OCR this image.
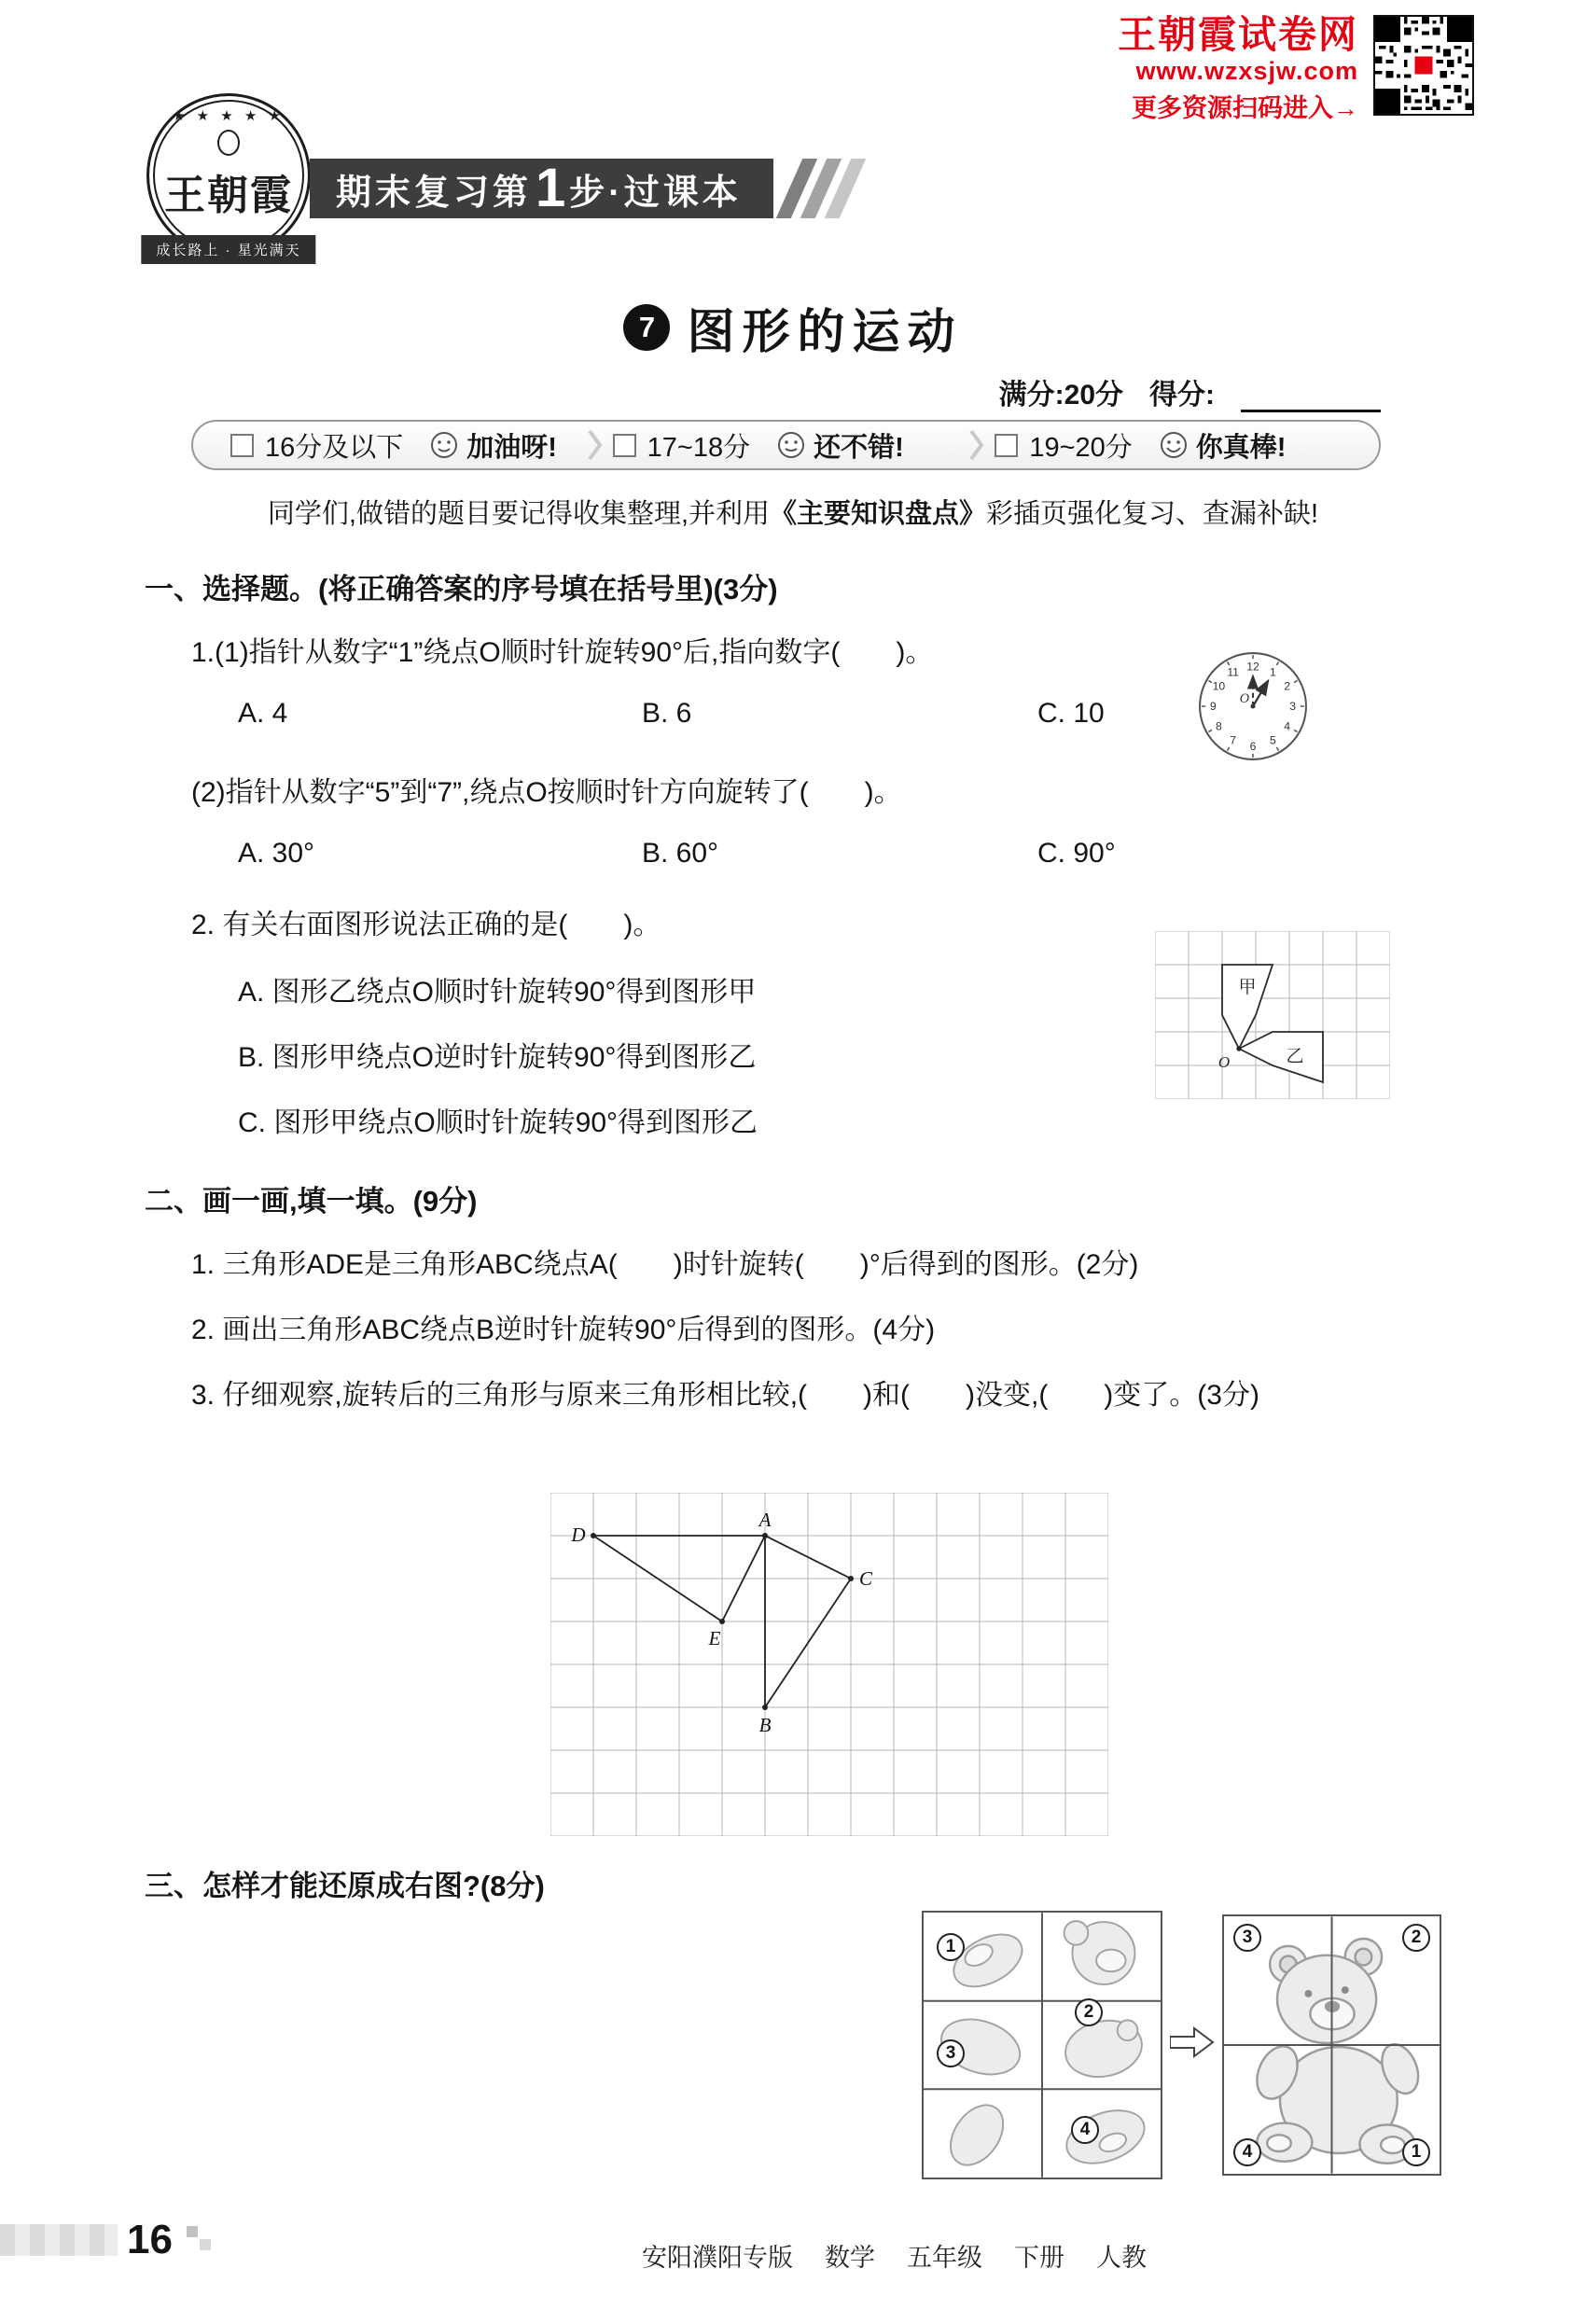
王朝霞试卷网
www.wzxsjw.com
更多资源扫码进入→
★ ★ ★ ★ ★
王朝霞
成长路上 · 星光满天
期末复习第 1 步·过课本
7 图形的运动
满分:20分 得分:
16分及以下 加油呀!	17~18分 还不错!	19~20分 你真棒!
同学们,做错的题目要记得收集整理,并利用《主要知识盘点》彩插页强化复习、查漏补缺!
一、选择题。(将正确答案的序号填在括号里)(3分)
1.(1)指针从数字“1”绕点O顺时针旋转90°后,指向数字(　　)。
A. 4	B. 6	C. 10
12 1
2
3
4
5
6
7
8
9
10
11
O
(2)指针从数字“5”到“7”,绕点O按顺时针方向旋转了(　　)。
A. 30°	B. 60°	C. 90°
2. 有关右面图形说法正确的是(　　)。
A. 图形乙绕点O顺时针旋转90°得到图形甲
B. 图形甲绕点O逆时针旋转90°得到图形乙
C. 图形甲绕点O顺时针旋转90°得到图形乙
甲
乙
O
二、画一画,填一填。(9分)
1. 三角形ADE是三角形ABC绕点A(　　)时针旋转(　　)°后得到的图形。(2分)
2. 画出三角形ABC绕点B逆时针旋转90°后得到的图形。(4分)
3. 仔细观察,旋转后的三角形与原来三角形相比较,(　　)和(　　)没变,(　　)变了。(3分)
A
B
C
D
E
三、怎样才能还原成右图?(8分)
1
2
3
4
3	2
4	1
16	安阳濮阳专版 数学 五年级 下册 人教
